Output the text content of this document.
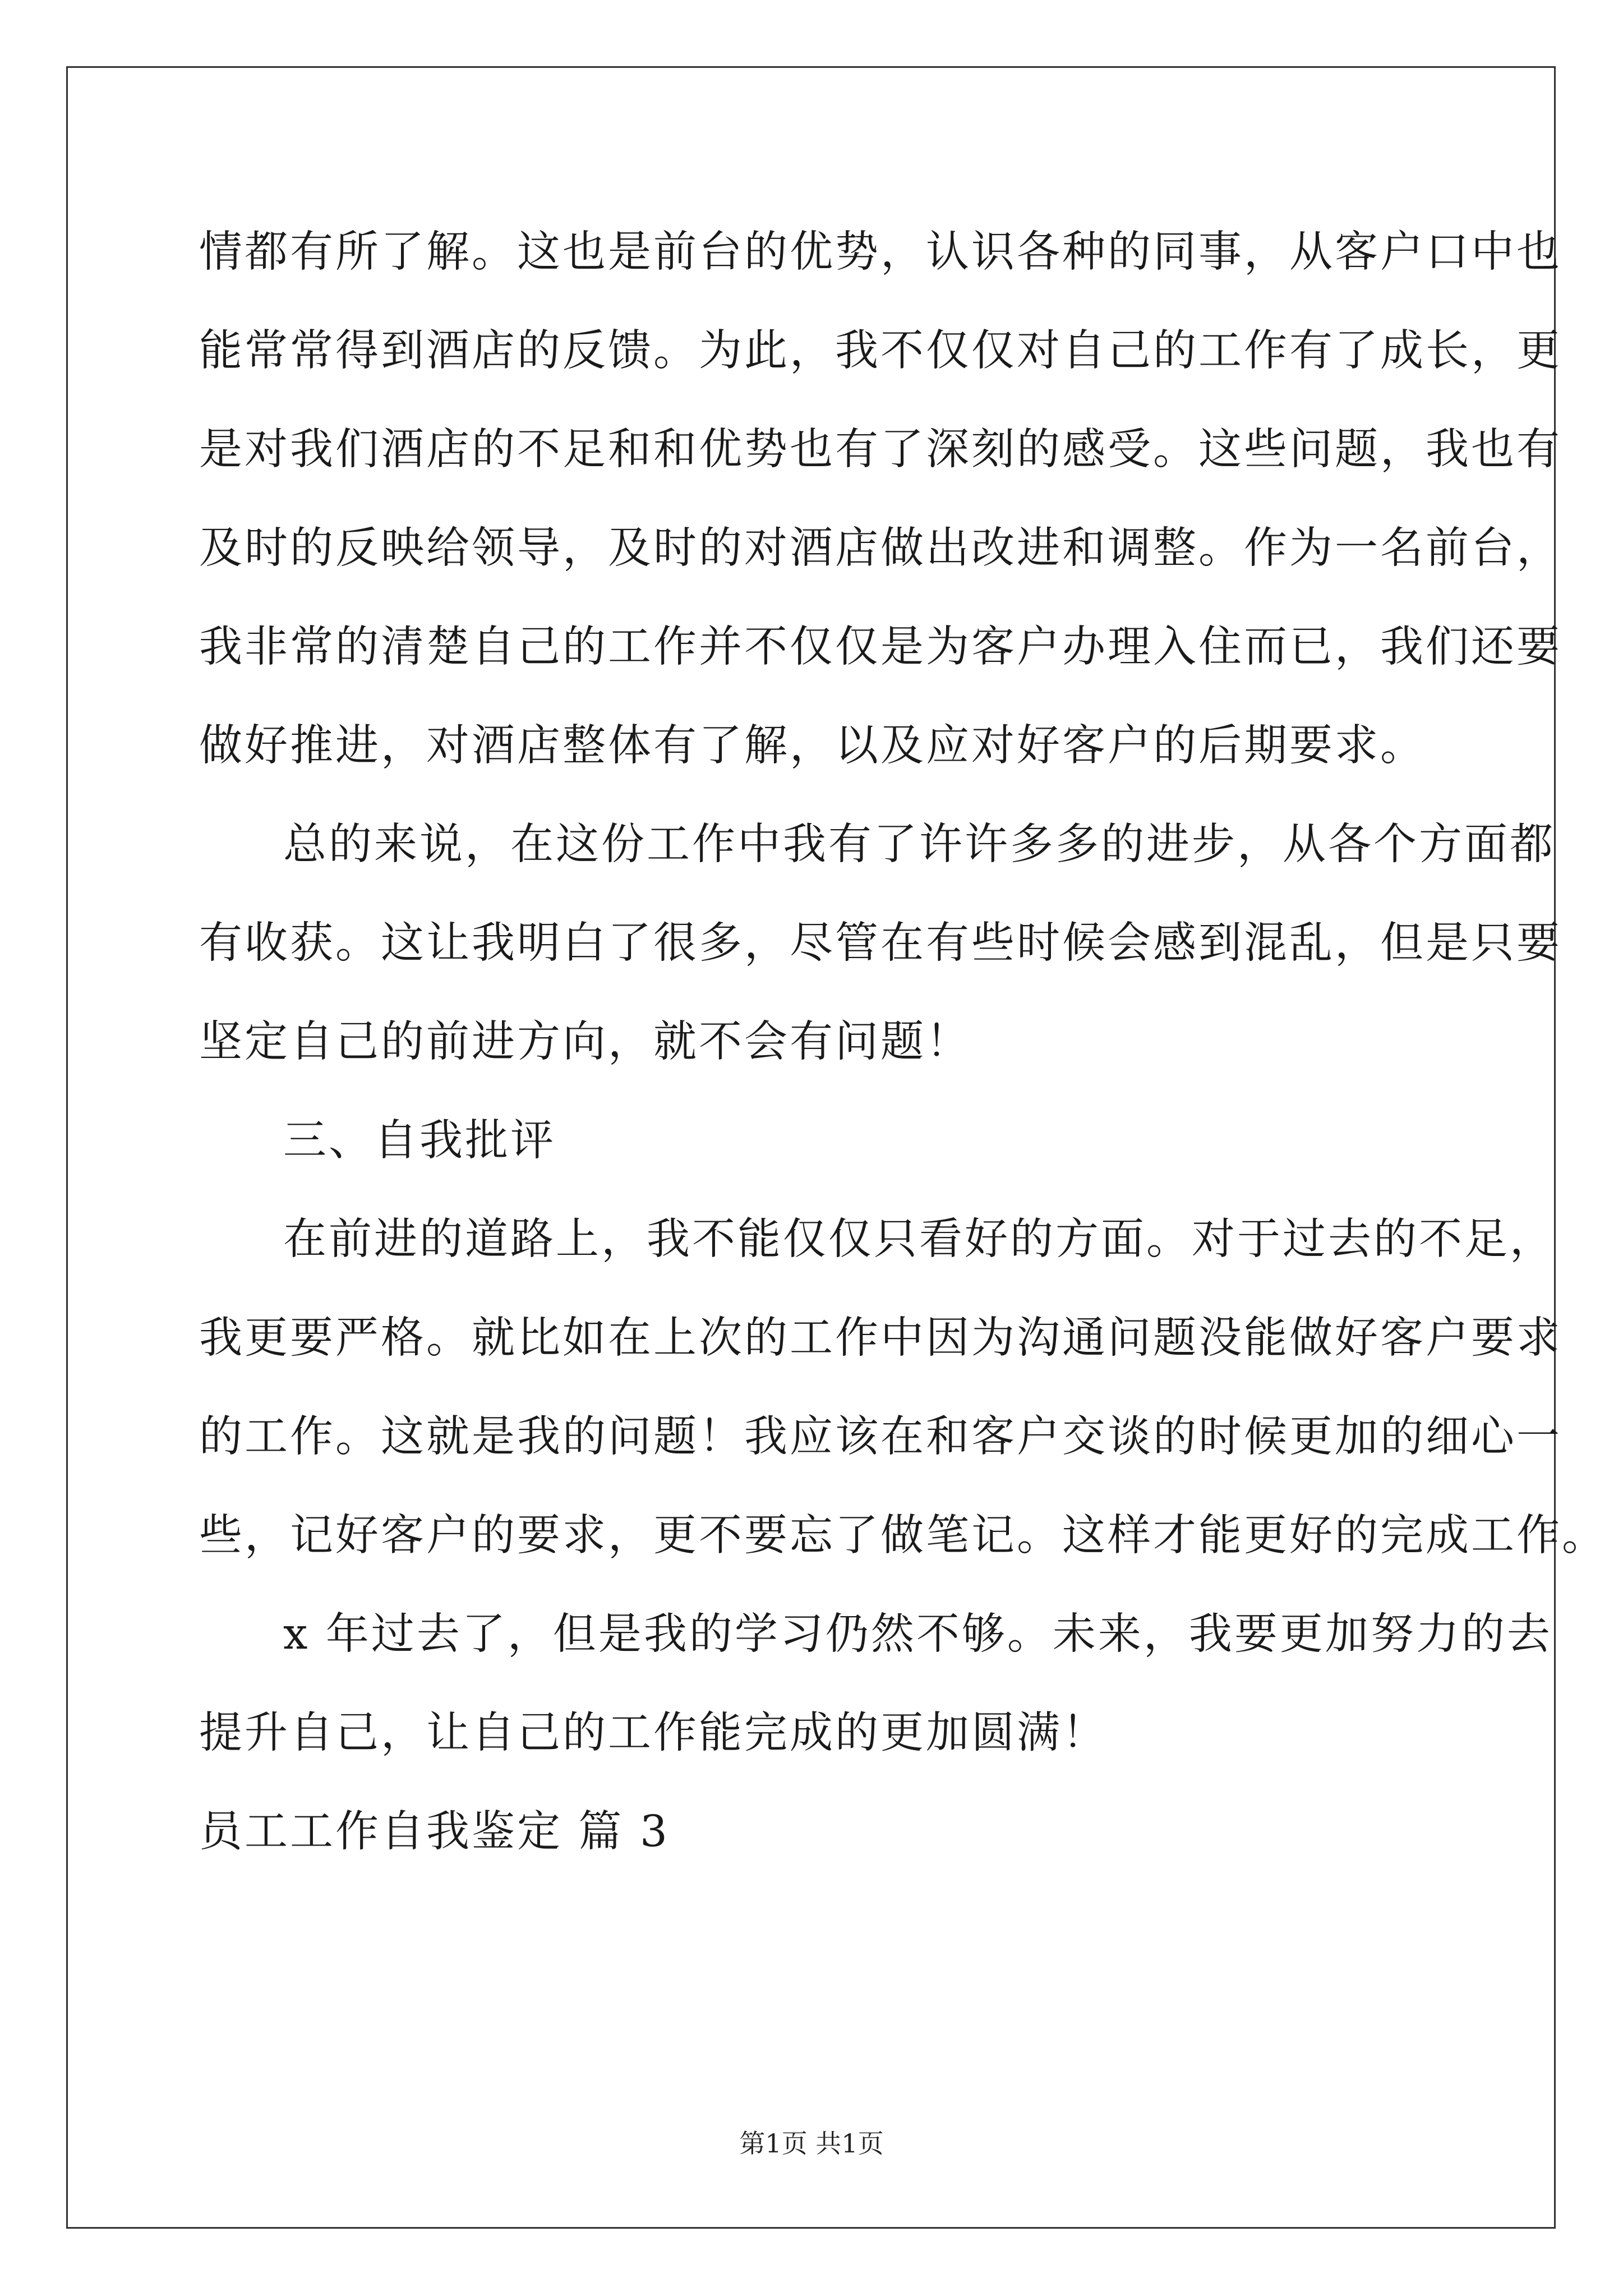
情都有所了解。这也是前台的优势，认识各种的同事，从客户口中也
能常常得到酒店的反馈。为此，我不仅仅对自己的工作有了成长，更
是对我们酒店的不足和和优势也有了深刻的感受。这些问题，我也有
及时的反映给领导，及时的对酒店做出改进和调整。作为一名前台，
我非常的清楚自己的工作并不仅仅是为客户办理入住而已，我们还要
做好推进，对酒店整体有了解，以及应对好客户的后期要求。
总的来说，在这份工作中我有了许许多多的进步，从各个方面都
有收获。这让我明白了很多，尽管在有些时候会感到混乱，但是只要
坚定自己的前进方向，就不会有问题！
三、自我批评
在前进的道路上，我不能仅仅只看好的方面。对于过去的不足，
我更要严格。就比如在上次的工作中因为沟通问题没能做好客户要求
的工作。这就是我的问题！我应该在和客户交谈的时候更加的细心一
些，记好客户的要求，更不要忘了做笔记。这样才能更好的完成工作。
x 年过去了，但是我的学习仍然不够。未来，我要更加努力的去
提升自己，让自己的工作能完成的更加圆满！
员工工作自我鉴定 篇 3
第1页 共1页
